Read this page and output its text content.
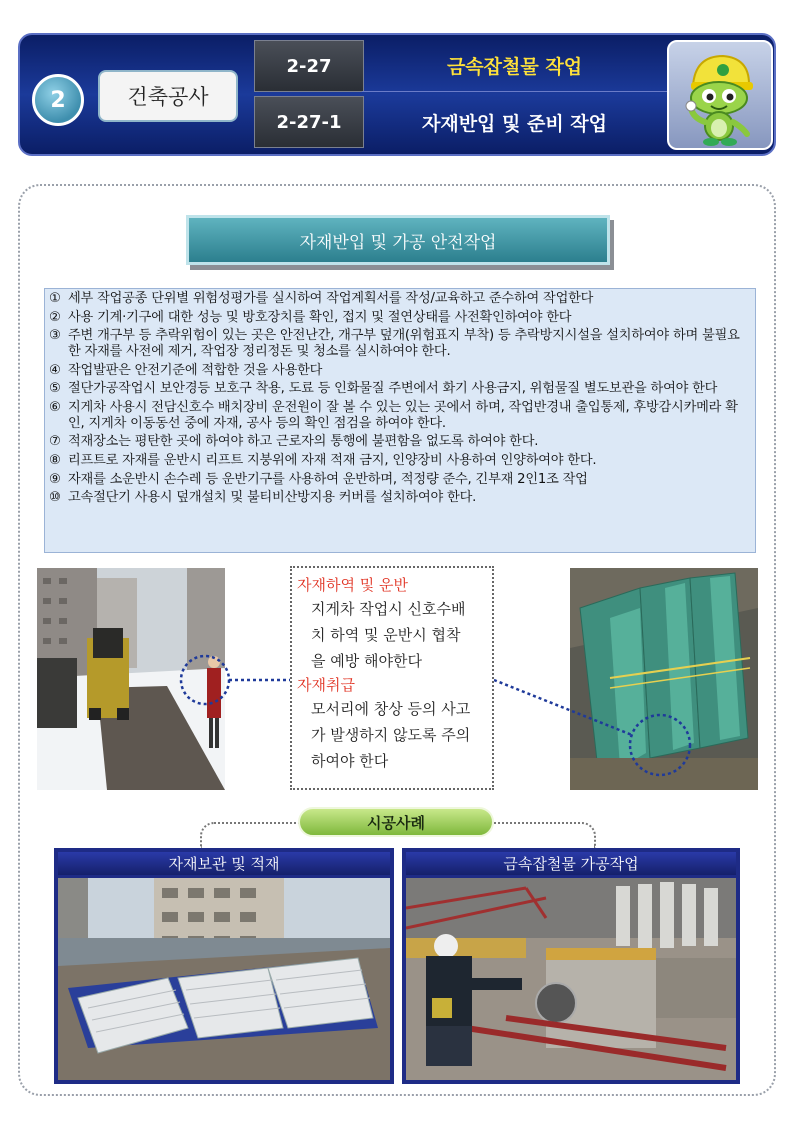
2	건축공사
2-27
2-27-1
금속잡철물 작업
자재반입 및 준비 작업
자재반입 및 가공 안전작업
① 세부 작업공종 단위별 위험성평가를 실시하여 작업계획서를 작성/교육하고 준수하여 작업한다
② 사용 기계·기구에 대한 성능 및 방호장치를 확인, 접지 및 절연상태를 사전확인하여야 한다
③ 주변 개구부 등 추락위험이 있는 곳은 안전난간, 개구부 덮개(위험표지 부착) 등 추락방지시설을 설치하여야 하며 불필요한 자재를 사전에 제거, 작업장 정리정돈 및 청소를 실시하여야 한다.
④ 작업발판은 안전기준에 적합한 것을 사용한다
⑤ 절단가공작업시 보안경등 보호구 착용, 도료 등 인화물질 주변에서 화기 사용금지, 위험물질 별도보관을 하여야 한다
⑥ 지게차 사용시 전담신호수 배치장비 운전원이 잘 볼 수 있는 있는 곳에서 하며, 작업반경내 출입통제, 후방감시카메라 확인, 지게차 이동동선 중에 자재, 공사 등의 확인 점검을 하여야 한다.
⑦ 적재장소는 평탄한 곳에 하여야 하고 근로자의 통행에 불편함을 없도록 하여야 한다.
⑧ 리프트로 자재를 운반시 리프트 지붕위에 자재 적재 금지, 인양장비 사용하여 인양하여야 한다.
⑨ 자재를 소운반시 손수레 등 운반기구를 사용하여 운반하며, 적정량 준수, 긴부재 2인1조 작업
⑩ 고속절단기 사용시 덮개설치 및 불티비산방지용 커버를 설치하여야 한다.
자재하역 및 운반
지게차 작업시 신호수배
치 하역 및 운반시 협착
을 예방 해야한다
자재취급
모서리에 창상 등의 사고
가 발생하지 않도록 주의
하여야 한다
시공사례
자재보관 및 적재	금속잡철물 가공작업
